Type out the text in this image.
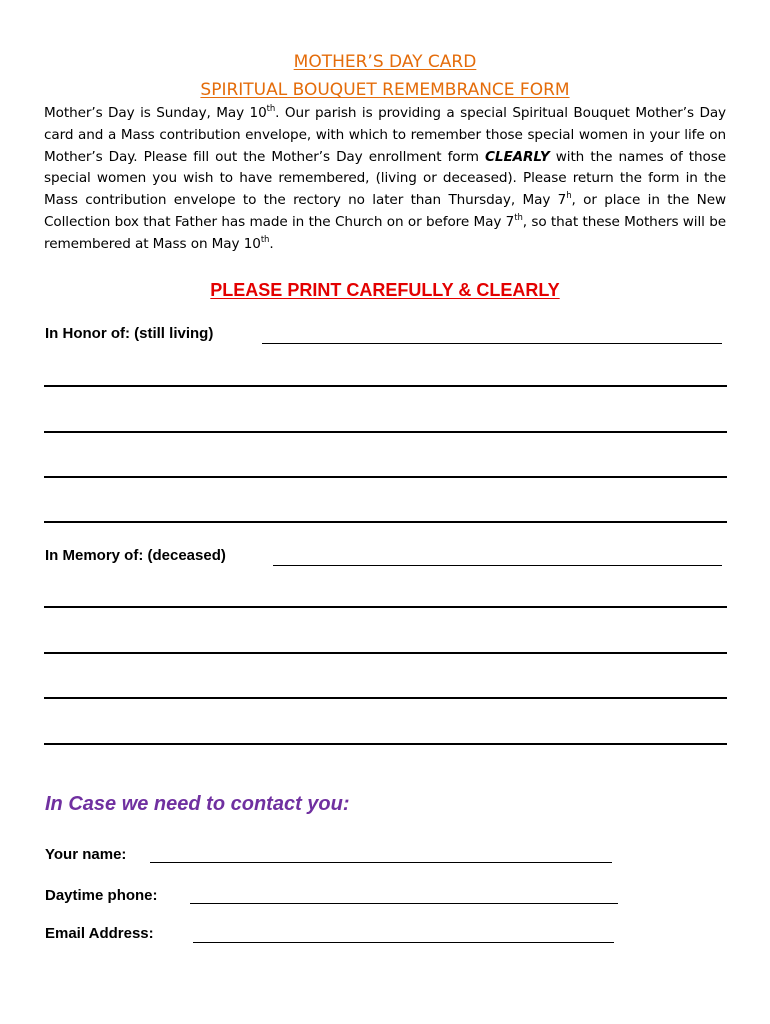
MOTHER’S DAY CARD
SPIRITUAL BOUQUET REMEMBRANCE FORM
Mother’s Day is Sunday, May 10th. Our parish is providing a special Spiritual Bouquet Mother’s Day card and a Mass contribution envelope, with which to remember those special women in your life on Mother’s Day. Please fill out the Mother’s Day enrollment form CLEARLY with the names of those special women you wish to have remembered, (living or deceased). Please return the form in the Mass contribution envelope to the rectory no later than Thursday, May 7$^h$, or place in the New Collection box that Father has made in the Church on or before May 7th, so that these Mothers will be remembered at Mass on May 10th.
PLEASE PRINT CAREFULLY & CLEARLY
In Honor of: (still living)
In Memory of: (deceased)
In Case we need to contact you:
Your name:
Daytime phone:
Email Address:
